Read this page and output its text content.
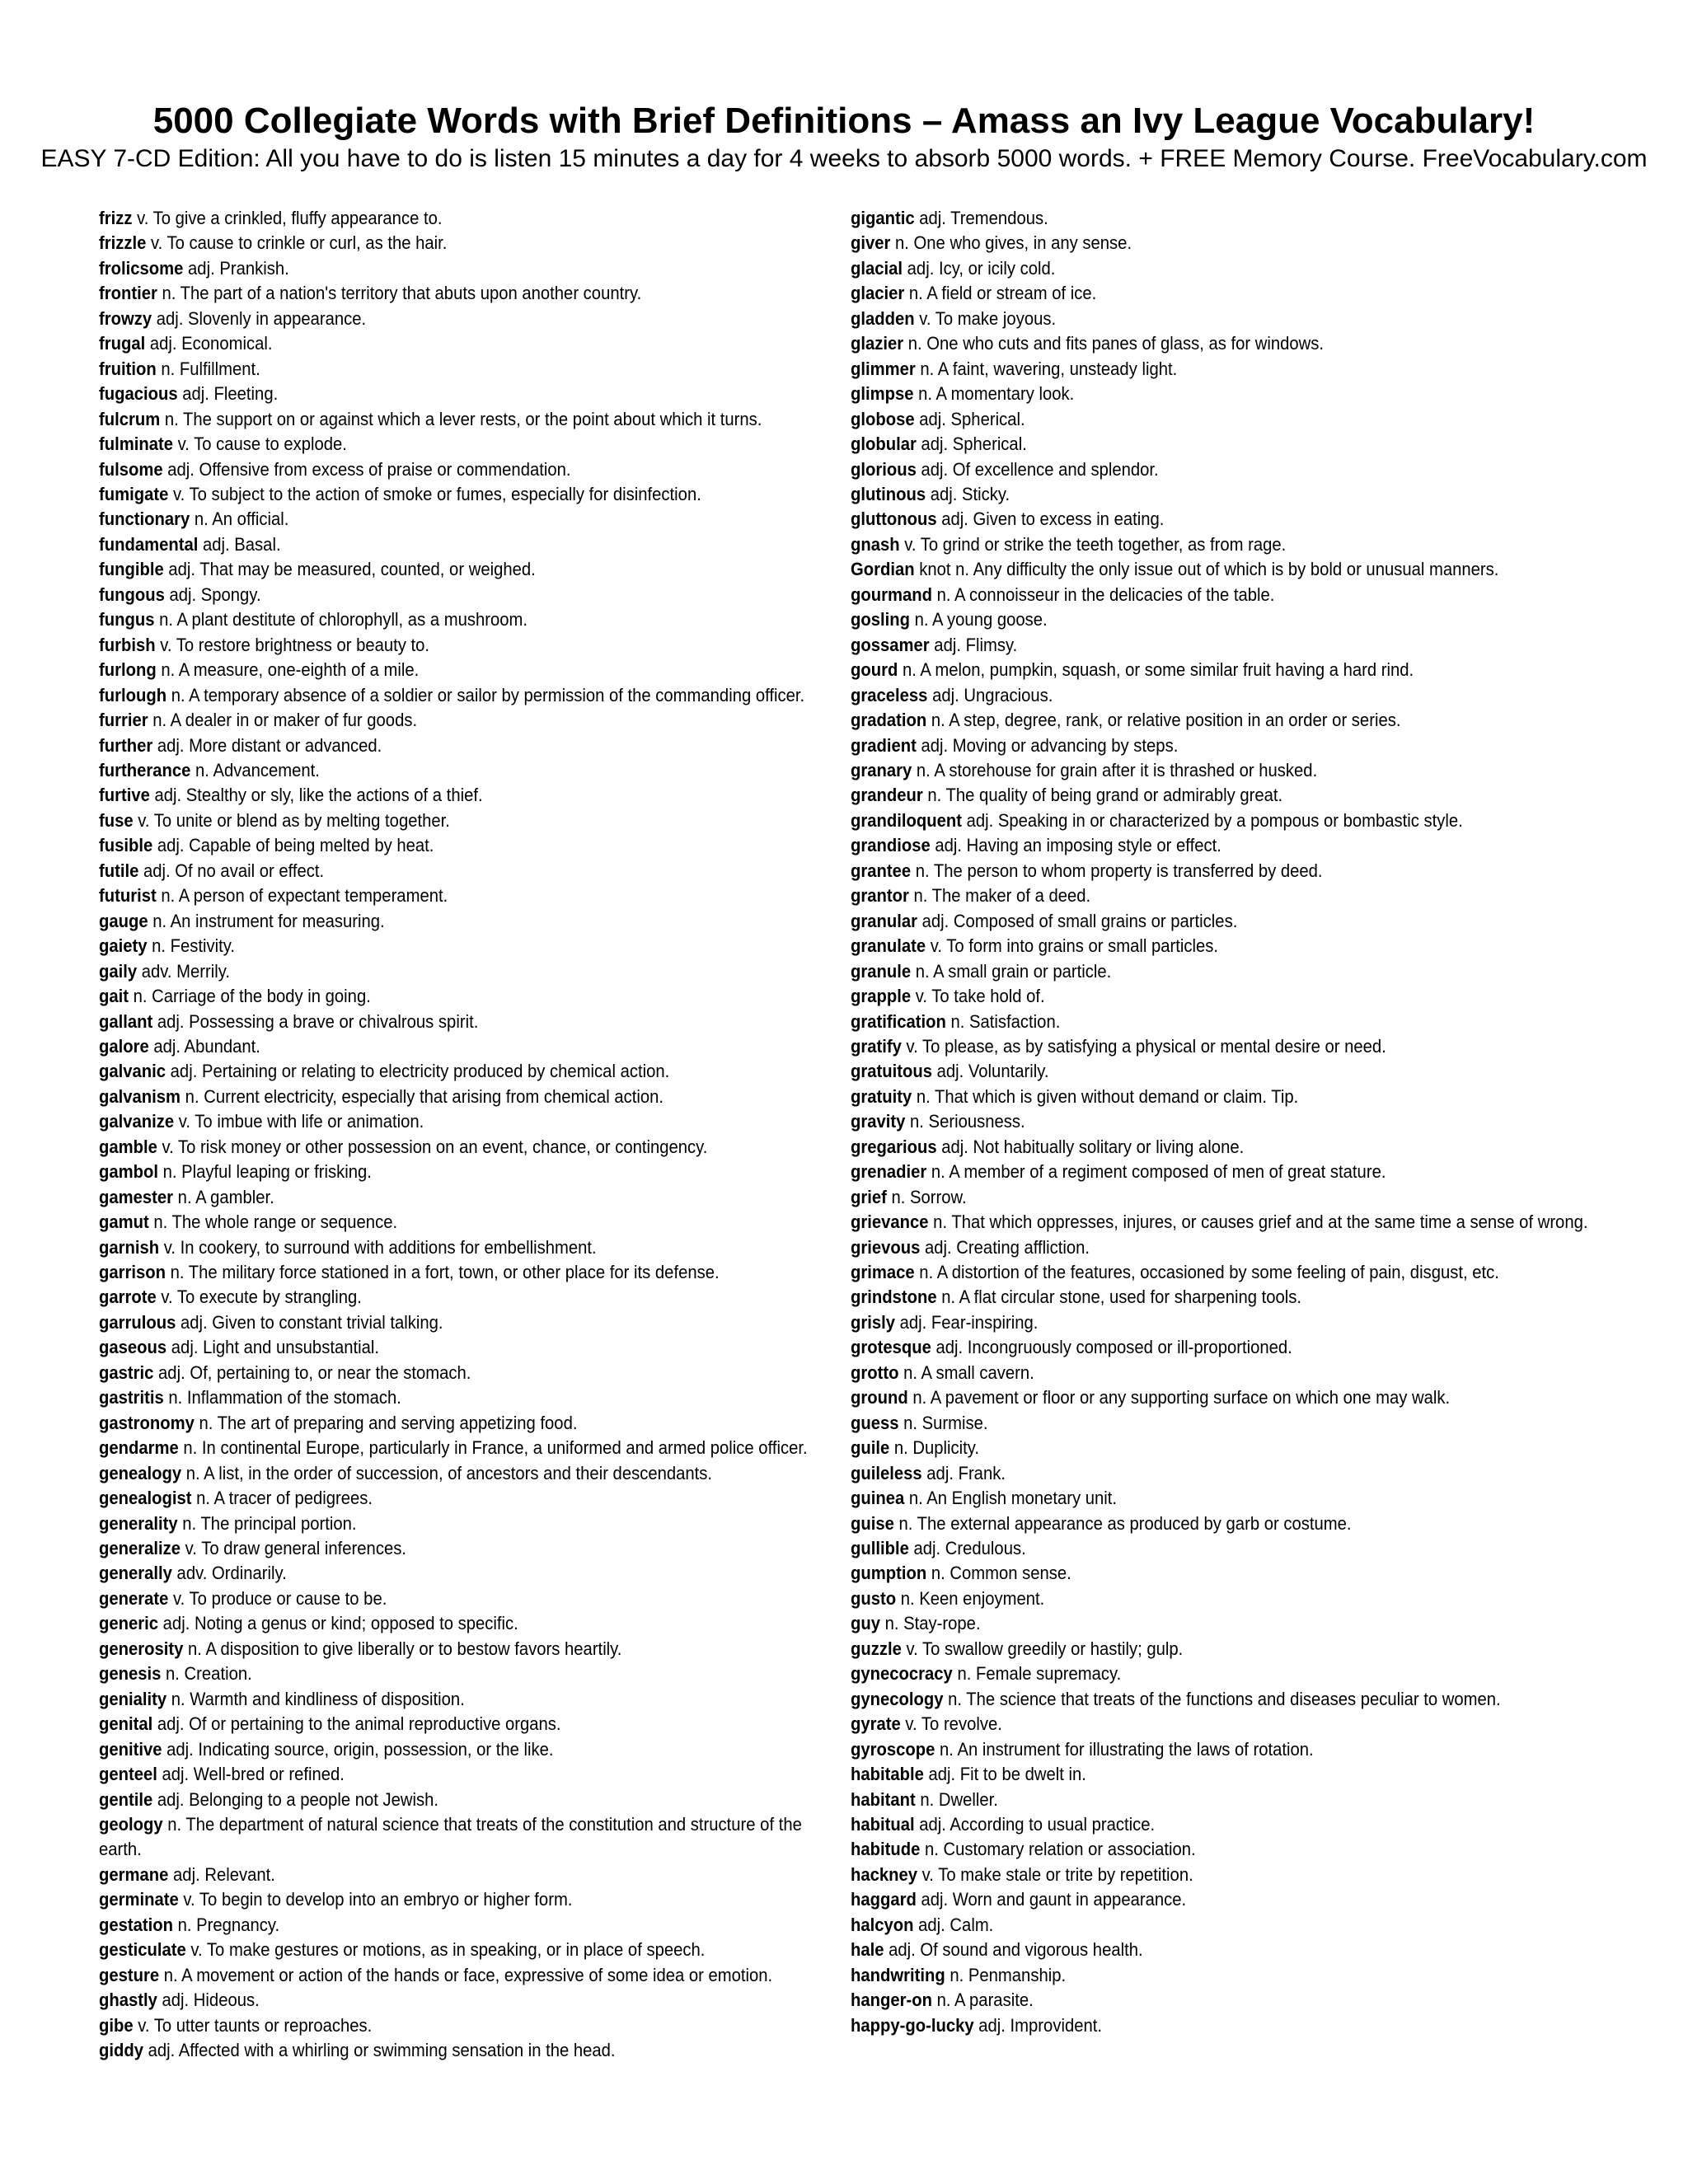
5000 Collegiate Words with Brief Definitions – Amass an Ivy League Vocabulary!
EASY 7-CD Edition: All you have to do is listen 15 minutes a day for 4 weeks to absorb 5000 words. + FREE Memory Course. FreeVocabulary.com
frizz v. To give a crinkled, fluffy appearance to.
frizzle v. To cause to crinkle or curl, as the hair.
frolicsome adj. Prankish.
frontier n. The part of a nation's territory that abuts upon another country.
frowzy adj. Slovenly in appearance.
frugal adj. Economical.
fruition n. Fulfillment.
fugacious adj. Fleeting.
fulcrum n. The support on or against which a lever rests, or the point about which it turns.
fulminate v. To cause to explode.
fulsome adj. Offensive from excess of praise or commendation.
fumigate v. To subject to the action of smoke or fumes, especially for disinfection.
functionary n. An official.
fundamental adj. Basal.
fungible adj. That may be measured, counted, or weighed.
fungous adj. Spongy.
fungus n. A plant destitute of chlorophyll, as a mushroom.
furbish v. To restore brightness or beauty to.
furlong n. A measure, one-eighth of a mile.
furlough n. A temporary absence of a soldier or sailor by permission of the commanding officer.
furrier n. A dealer in or maker of fur goods.
further adj. More distant or advanced.
furtherance n. Advancement.
furtive adj. Stealthy or sly, like the actions of a thief.
fuse v. To unite or blend as by melting together.
fusible adj. Capable of being melted by heat.
futile adj. Of no avail or effect.
futurist n. A person of expectant temperament.
gauge n. An instrument for measuring.
gaiety n. Festivity.
gaily adv. Merrily.
gait n. Carriage of the body in going.
gallant adj. Possessing a brave or chivalrous spirit.
galore adj. Abundant.
galvanic adj. Pertaining or relating to electricity produced by chemical action.
galvanism n. Current electricity, especially that arising from chemical action.
galvanize v. To imbue with life or animation.
gamble v. To risk money or other possession on an event, chance, or contingency.
gambol n. Playful leaping or frisking.
gamester n. A gambler.
gamut n. The whole range or sequence.
garnish v. In cookery, to surround with additions for embellishment.
garrison n. The military force stationed in a fort, town, or other place for its defense.
garrote v. To execute by strangling.
garrulous adj. Given to constant trivial talking.
gaseous adj. Light and unsubstantial.
gastric adj. Of, pertaining to, or near the stomach.
gastritis n. Inflammation of the stomach.
gastronomy n. The art of preparing and serving appetizing food.
gendarme n. In continental Europe, particularly in France, a uniformed and armed police officer.
genealogy n. A list, in the order of succession, of ancestors and their descendants.
genealogist n. A tracer of pedigrees.
generality n. The principal portion.
generalize v. To draw general inferences.
generally adv. Ordinarily.
generate v. To produce or cause to be.
generic adj. Noting a genus or kind; opposed to specific.
generosity n. A disposition to give liberally or to bestow favors heartily.
genesis n. Creation.
geniality n. Warmth and kindliness of disposition.
genital adj. Of or pertaining to the animal reproductive organs.
genitive adj. Indicating source, origin, possession, or the like.
genteel adj. Well-bred or refined.
gentile adj. Belonging to a people not Jewish.
geology n. The department of natural science that treats of the constitution and structure of the earth.
germane adj. Relevant.
germinate v. To begin to develop into an embryo or higher form.
gestation n. Pregnancy.
gesticulate v. To make gestures or motions, as in speaking, or in place of speech.
gesture n. A movement or action of the hands or face, expressive of some idea or emotion.
ghastly adj. Hideous.
gibe v. To utter taunts or reproaches.
giddy adj. Affected with a whirling or swimming sensation in the head.
gigantic adj. Tremendous.
giver n. One who gives, in any sense.
glacial adj. Icy, or icily cold.
glacier n. A field or stream of ice.
gladden v. To make joyous.
glazier n. One who cuts and fits panes of glass, as for windows.
glimmer n. A faint, wavering, unsteady light.
glimpse n. A momentary look.
globose adj. Spherical.
globular adj. Spherical.
glorious adj. Of excellence and splendor.
glutinous adj. Sticky.
gluttonous adj. Given to excess in eating.
gnash v. To grind or strike the teeth together, as from rage.
Gordian knot n. Any difficulty the only issue out of which is by bold or unusual manners.
gourmand n. A connoisseur in the delicacies of the table.
gosling n. A young goose.
gossamer adj. Flimsy.
gourd n. A melon, pumpkin, squash, or some similar fruit having a hard rind.
graceless adj. Ungracious.
gradation n. A step, degree, rank, or relative position in an order or series.
gradient adj. Moving or advancing by steps.
granary n. A storehouse for grain after it is thrashed or husked.
grandeur n. The quality of being grand or admirably great.
grandiloquent adj. Speaking in or characterized by a pompous or bombastic style.
grandiose adj. Having an imposing style or effect.
grantee n. The person to whom property is transferred by deed.
grantor n. The maker of a deed.
granular adj. Composed of small grains or particles.
granulate v. To form into grains or small particles.
granule n. A small grain or particle.
grapple v. To take hold of.
gratification n. Satisfaction.
gratify v. To please, as by satisfying a physical or mental desire or need.
gratuitous adj. Voluntarily.
gratuity n. That which is given without demand or claim. Tip.
gravity n. Seriousness.
gregarious adj. Not habitually solitary or living alone.
grenadier n. A member of a regiment composed of men of great stature.
grief n. Sorrow.
grievance n. That which oppresses, injures, or causes grief and at the same time a sense of wrong.
grievous adj. Creating affliction.
grimace n. A distortion of the features, occasioned by some feeling of pain, disgust, etc.
grindstone n. A flat circular stone, used for sharpening tools.
grisly adj. Fear-inspiring.
grotesque adj. Incongruously composed or ill-proportioned.
grotto n. A small cavern.
ground n. A pavement or floor or any supporting surface on which one may walk.
guess n. Surmise.
guile n. Duplicity.
guileless adj. Frank.
guinea n. An English monetary unit.
guise n. The external appearance as produced by garb or costume.
gullible adj. Credulous.
gumption n. Common sense.
gusto n. Keen enjoyment.
guy n. Stay-rope.
guzzle v. To swallow greedily or hastily; gulp.
gynecocracy n. Female supremacy.
gynecology n. The science that treats of the functions and diseases peculiar to women.
gyrate v. To revolve.
gyroscope n. An instrument for illustrating the laws of rotation.
habitable adj. Fit to be dwelt in.
habitant n. Dweller.
habitual adj. According to usual practice.
habitude n. Customary relation or association.
hackney v. To make stale or trite by repetition.
haggard adj. Worn and gaunt in appearance.
halcyon adj. Calm.
hale adj. Of sound and vigorous health.
handwriting n. Penmanship.
hanger-on n. A parasite.
happy-go-lucky adj. Improvident.
